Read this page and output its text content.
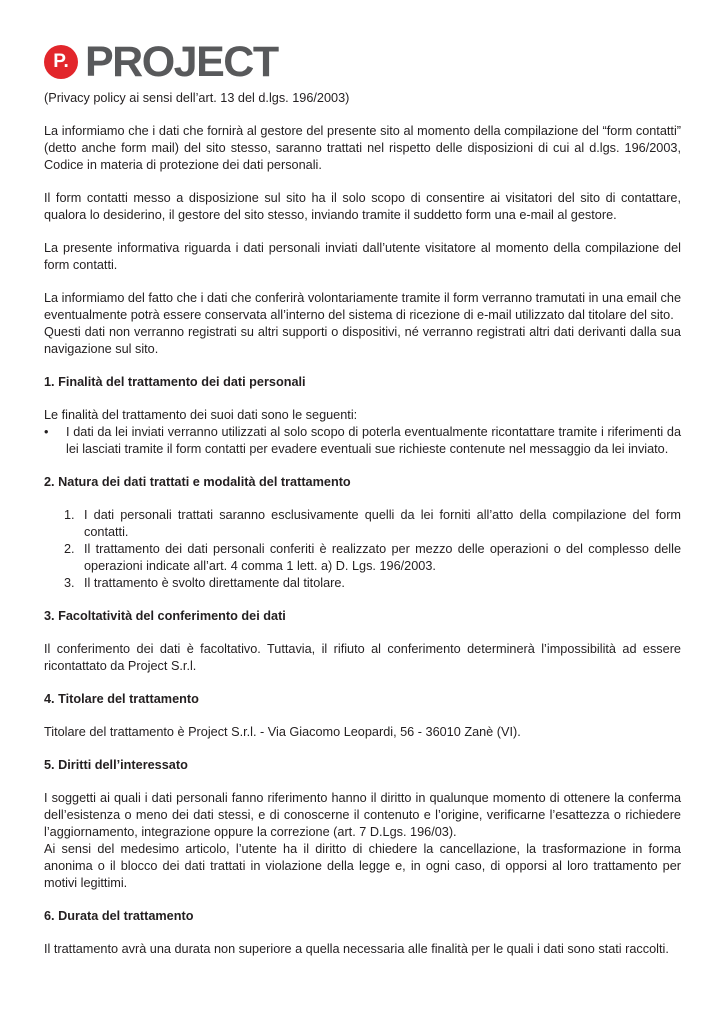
P. PROJECT

(Privacy policy ai sensi dell’art. 13 del d.lgs. 196/2003)

La informiamo che i dati che fornirà al gestore del presente sito al momento della compilazione del “form contatti” (detto anche form mail) del sito stesso, saranno trattati nel rispetto delle disposizioni di cui al d.lgs. 196/2003, Codice in materia di protezione dei dati personali.

Il form contatti messo a disposizione sul sito ha il solo scopo di consentire ai visitatori del sito di contattare, qualora lo desiderino, il gestore del sito stesso, inviando tramite il suddetto form una e-mail al gestore.

La presente informativa riguarda i dati personali inviati dall’utente visitatore al momento della compilazione del form contatti.

La informiamo del fatto che i dati che conferirà volontariamente tramite il form verranno tramutati in una email che eventualmente potrà essere conservata all’interno del sistema di ricezione di e-mail utilizzato dal titolare del sito.

Questi dati non verranno registrati su altri supporti o dispositivi, né verranno registrati altri dati derivanti dalla sua navigazione sul sito.

1. Finalità del trattamento dei dati personali

Le finalità del trattamento dei suoi dati sono le seguenti:

• I dati da lei inviati verranno utilizzati al solo scopo di poterla eventualmente ricontattare tramite i riferimenti da lei lasciati tramite il form contatti per evadere eventuali sue richieste contenute nel messaggio da lei inviato.
2. Natura dei dati trattati e modalità del trattamento
1. I dati personali trattati saranno esclusivamente quelli da lei forniti all’atto della compilazione del form contatti.
2. Il trattamento dei dati personali conferiti è realizzato per mezzo delle operazioni o del complesso delle operazioni indicate all’art. 4 comma 1 lett. a) D. Lgs. 196/2003.
3. Il trattamento è svolto direttamente dal titolare.
3. Facoltatività del conferimento dei dati

Il conferimento dei dati è facoltativo. Tuttavia, il rifiuto al conferimento determinerà l’impossibilità ad essere ricontattato da Project S.r.l.

4. Titolare del trattamento

Titolare del trattamento è Project S.r.l. - Via Giacomo Leopardi, 56 - 36010 Zanè (VI).

5. Diritti dell’interessato

I soggetti ai quali i dati personali fanno riferimento hanno il diritto in qualunque momento di ottenere la conferma dell’esistenza o meno dei dati stessi, e di conoscerne il contenuto e l’origine, verificarne l’esattezza o richiedere l’aggiornamento, integrazione oppure la correzione (art. 7 D.Lgs. 196/03).

Ai sensi del medesimo articolo, l’utente ha il diritto di chiedere la cancellazione, la trasformazione in forma anonima o il blocco dei dati trattati in violazione della legge e, in ogni caso, di opporsi al loro trattamento per motivi legittimi.

6. Durata del trattamento

Il trattamento avrà una durata non superiore a quella necessaria alle finalità per le quali i dati sono stati raccolti.
